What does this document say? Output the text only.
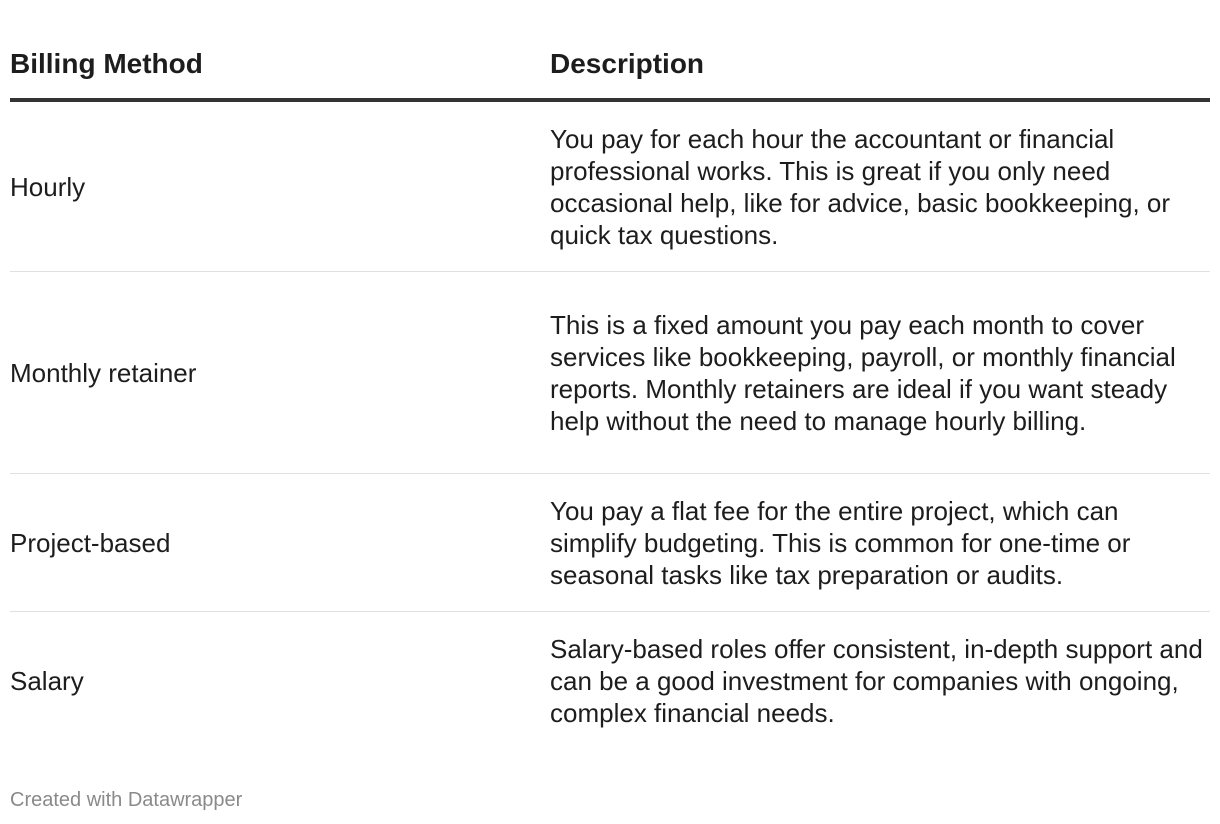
Billing Method	Description
Hourly
You pay for each hour the accountant or financial professional works. This is great if you only need occasional help, like for advice, basic bookkeeping, or quick tax questions.
Monthly retainer
This is a fixed amount you pay each month to cover services like bookkeeping, payroll, or monthly financial reports. Monthly retainers are ideal if you want steady help without the need to manage hourly billing.
Project-based
You pay a flat fee for the entire project, which can simplify budgeting. This is common for one-time or seasonal tasks like tax preparation or audits.
Salary
Salary-based roles offer consistent, in-depth support and can be a good investment for companies with ongoing, complex financial needs.
Created with Datawrapper
